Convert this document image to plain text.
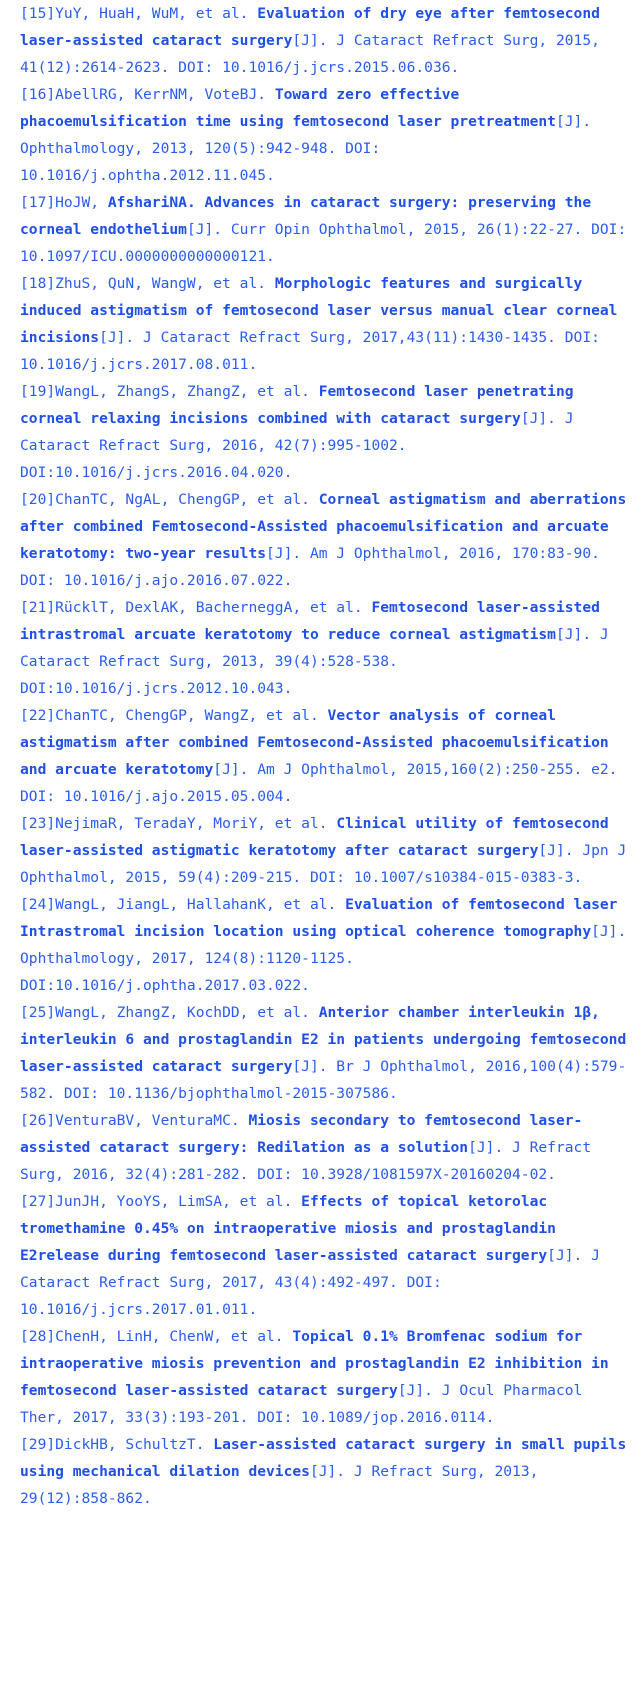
[15]YuY, HuaH, WuM, et al. Evaluation of dry eye after femtosecond laser-assisted cataract surgery[J]. J Cataract Refract Surg, 2015, 41(12):2614-2623. DOI: 10.1016/j.jcrs.2015.06.036.

[16]AbellRG, KerrNM, VoteBJ. Toward zero effective phacoemulsification time using femtosecond laser pretreatment[J]. Ophthalmology, 2013, 120(5):942-948. DOI: 10.1016/j.ophtha.2012.11.045.

[17]HoJW, AfshariNA. Advances in cataract surgery: preserving the corneal endothelium[J]. Curr Opin Ophthalmol, 2015, 26(1):22-27. DOI: 10.1097/ICU.0000000000000121.

[18]ZhuS, QuN, WangW, et al. Morphologic features and surgically induced astigmatism of femtosecond laser versus manual clear corneal incisions[J]. J Cataract Refract Surg, 2017,43(11):1430-1435. DOI: 10.1016/j.jcrs.2017.08.011.

[19]WangL, ZhangS, ZhangZ, et al. Femtosecond laser penetrating corneal relaxing incisions combined with cataract surgery[J]. J Cataract Refract Surg, 2016, 42(7):995-1002. DOI:10.1016/j.jcrs.2016.04.020.

[20]ChanTC, NgAL, ChengGP, et al. Corneal astigmatism and aberrations after combined Femtosecond-Assisted phacoemulsification and arcuate keratotomy: two-year results[J]. Am J Ophthalmol, 2016, 170:83-90. DOI: 10.1016/j.ajo.2016.07.022.

[21]RücklT, DexlAK, BacherneggA, et al. Femtosecond laser-assisted intrastromal arcuate keratotomy to reduce corneal astigmatism[J]. J Cataract Refract Surg, 2013, 39(4):528-538. DOI:10.1016/j.jcrs.2012.10.043.

[22]ChanTC, ChengGP, WangZ, et al. Vector analysis of corneal astigmatism after combined Femtosecond-Assisted phacoemulsification and arcuate keratotomy[J]. Am J Ophthalmol, 2015,160(2):250-255. e2. DOI: 10.1016/j.ajo.2015.05.004.

[23]NejimaR, TeradaY, MoriY, et al. Clinical utility of femtosecond laser-assisted astigmatic keratotomy after cataract surgery[J]. Jpn J Ophthalmol, 2015, 59(4):209-215. DOI: 10.1007/s10384-015-0383-3.

[24]WangL, JiangL, HallahanK, et al. Evaluation of femtosecond laser Intrastromal incision location using optical coherence tomography[J]. Ophthalmology, 2017, 124(8):1120-1125. DOI:10.1016/j.ophtha.2017.03.022.

[25]WangL, ZhangZ, KochDD, et al. Anterior chamber interleukin 1β, interleukin 6 and prostaglandin E2 in patients undergoing femtosecond laser-assisted cataract surgery[J]. Br J Ophthalmol, 2016,100(4):579-582. DOI: 10.1136/bjophthalmol-2015-307586.

[26]VenturaBV, VenturaMC. Miosis secondary to femtosecond laser-assisted cataract surgery: Redilation as a solution[J]. J Refract Surg, 2016, 32(4):281-282. DOI: 10.3928/1081597X-20160204-02.

[27]JunJH, YooYS, LimSA, et al. Effects of topical ketorolac tromethamine 0.45% on intraoperative miosis and prostaglandin E2release during femtosecond laser-assisted cataract surgery[J]. J Cataract Refract Surg, 2017, 43(4):492-497. DOI: 10.1016/j.jcrs.2017.01.011.

[28]ChenH, LinH, ChenW, et al. Topical 0.1% Bromfenac sodium for intraoperative miosis prevention and prostaglandin E2 inhibition in femtosecond laser-assisted cataract surgery[J]. J Ocul Pharmacol Ther, 2017, 33(3):193-201. DOI: 10.1089/jop.2016.0114.

[29]DickHB, SchultzT. Laser-assisted cataract surgery in small pupils using mechanical dilation devices[J]. J Refract Surg, 2013, 29(12):858-862.
